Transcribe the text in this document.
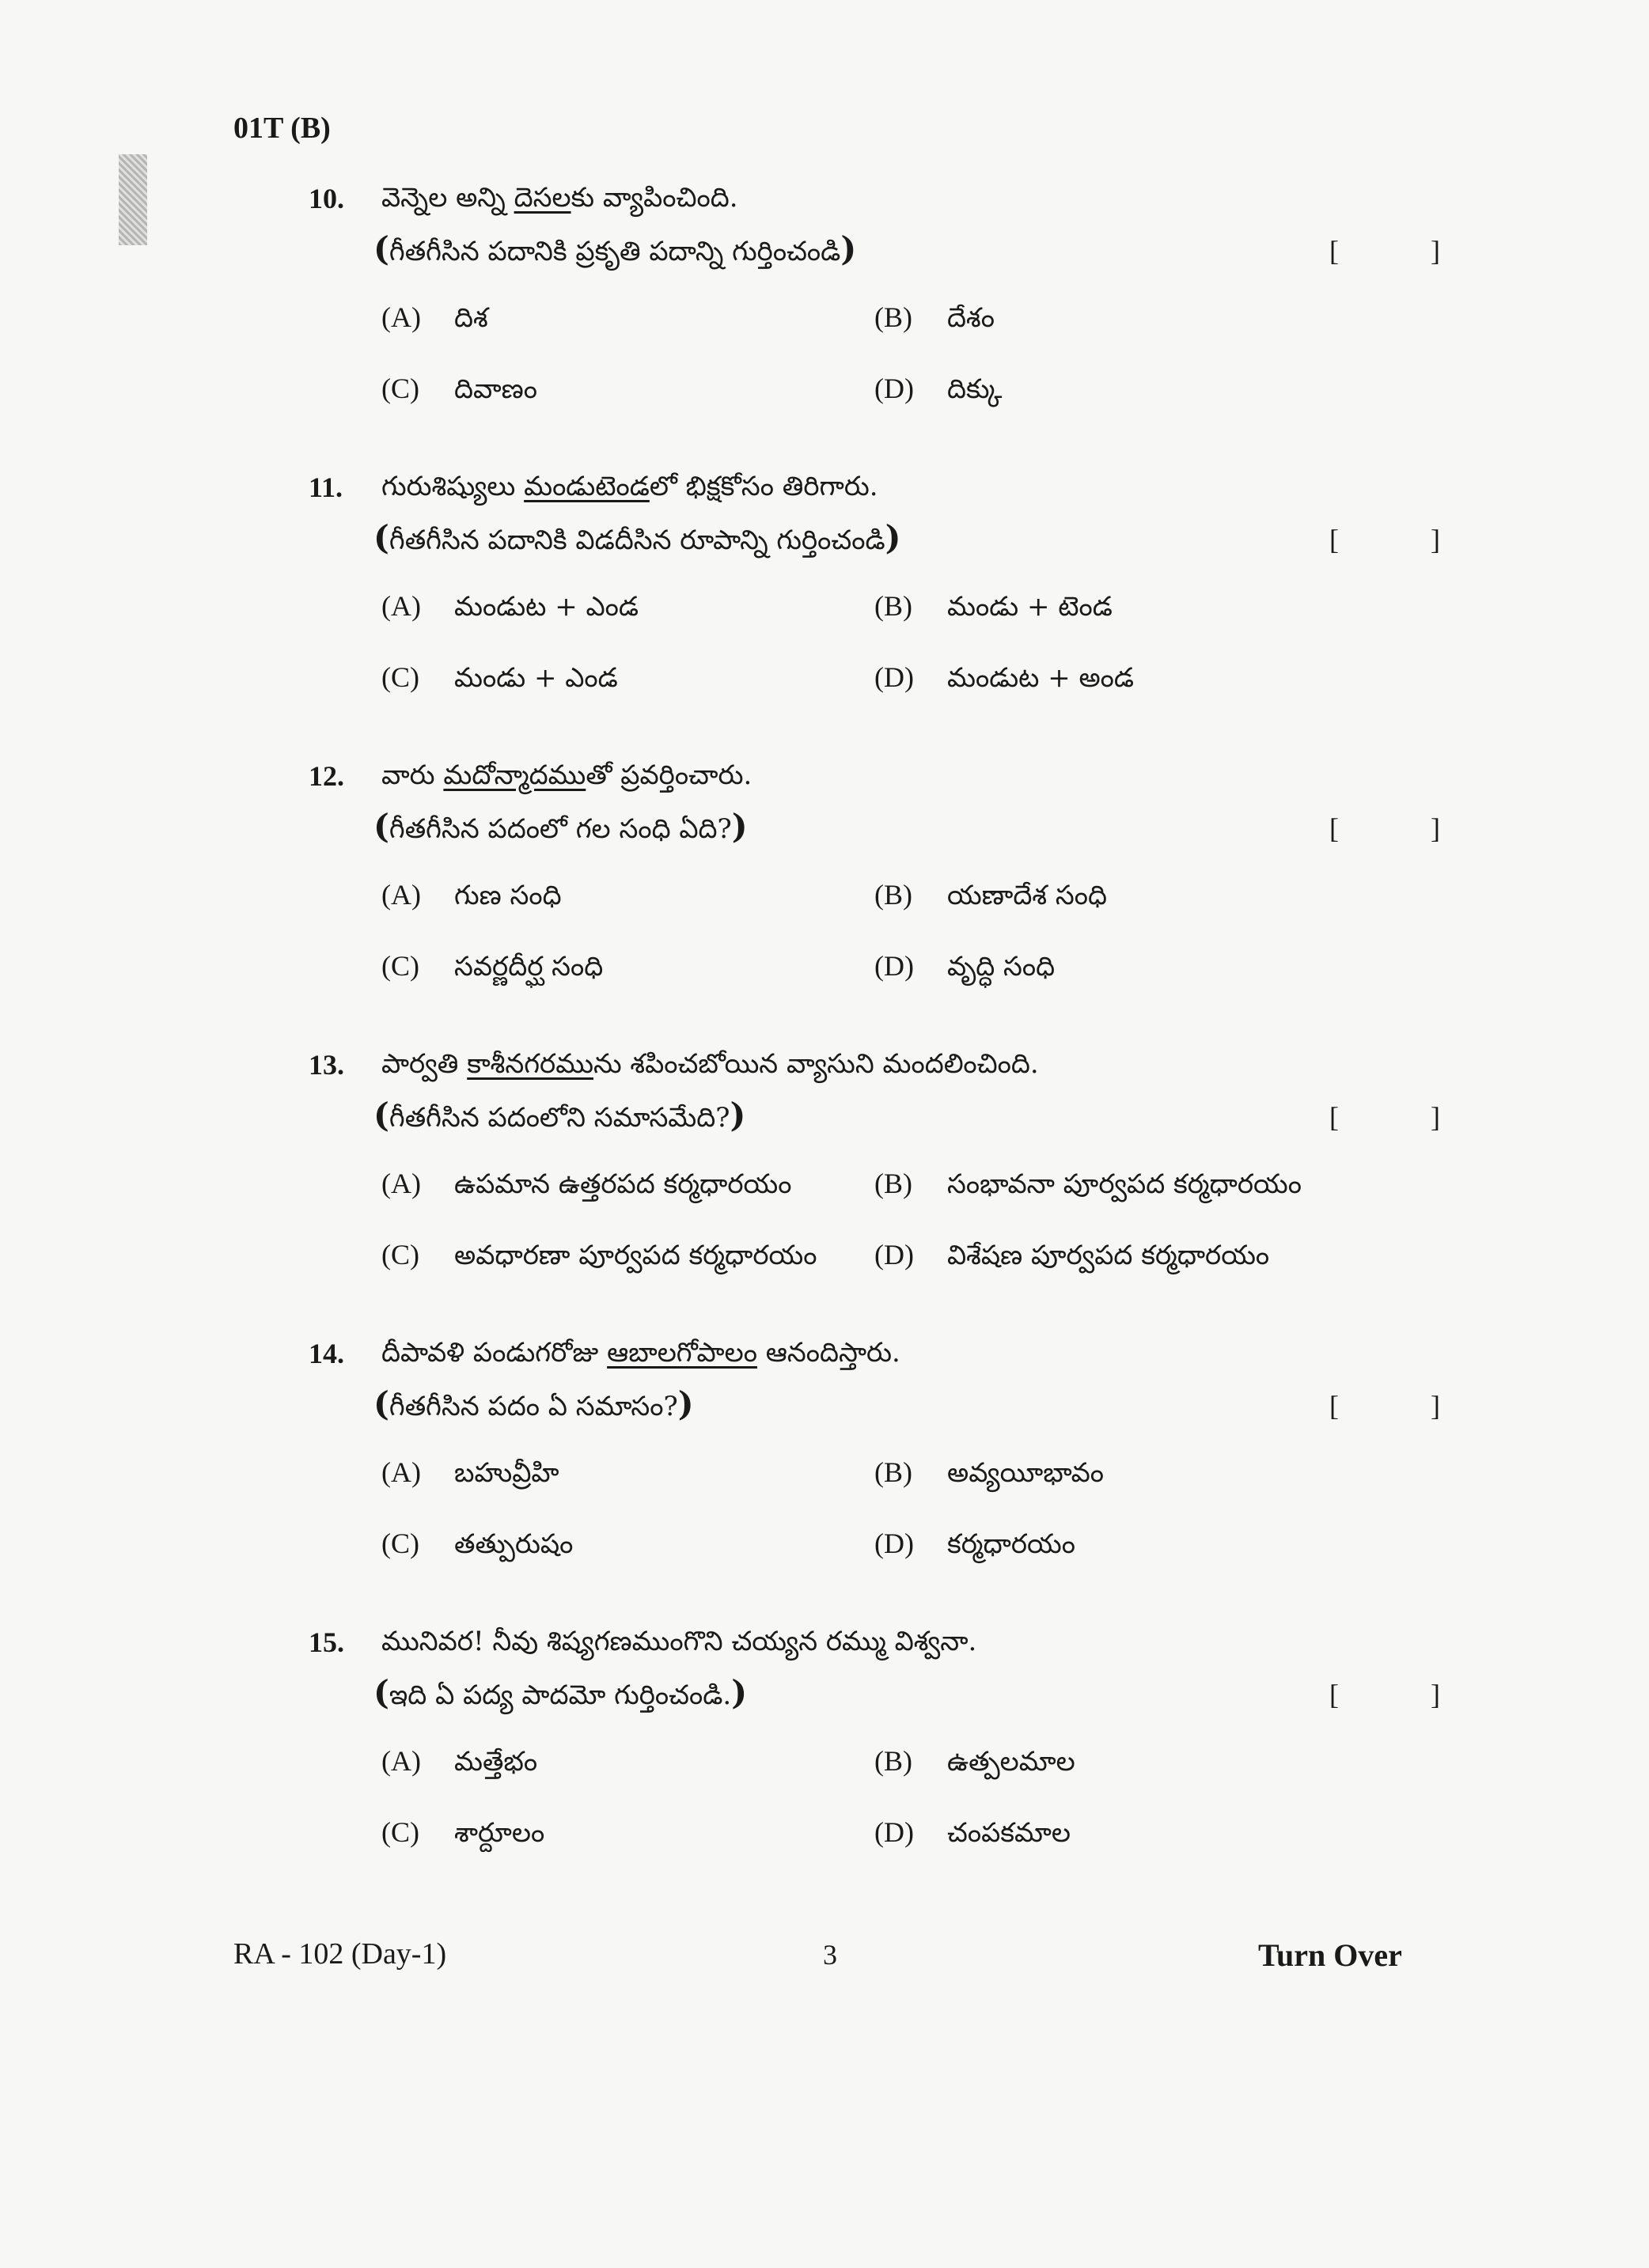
01T (B)
10. వెన్నెల అన్ని దెసలకు వ్యాపించింది.
(గీతగీసిన పదానికి ప్రకృతి పదాన్ని గుర్తించండి)	[	]
(A) దిశ	(B) దేశం
(C) దివాణం	(D) దిక్కు
11. గురుశిష్యులు మండుటెండలో భిక్షకోసం తిరిగారు.
(గీతగీసిన పదానికి విడదీసిన రూపాన్ని గుర్తించండి)	[	]
(A) మండుట + ఎండ	(B) మండు + టెండ
(C) మండు + ఎండ	(D) మండుట + అండ
12. వారు మదోన్మాదముతో ప్రవర్తించారు.
(గీతగీసిన పదంలో గల సంధి ఏది?)	[	]
(A) గుణ సంధి	(B) యణాదేశ సంధి
(C) సవర్ణదీర్ఘ సంధి	(D) వృద్ధి సంధి
13. పార్వతి కాశీనగరమును శపించబోయిన వ్యాసుని మందలించింది.
(గీతగీసిన పదంలోని సమాసమేది?)	[	]
(A) ఉపమాన ఉత్తరపద కర్మధారయం	(B) సంభావనా పూర్వపద కర్మధారయం
(C) అవధారణా పూర్వపద కర్మధారయం (D) విశేషణ పూర్వపద కర్మధారయం
14. దీపావళి పండుగరోజు ఆబాలగోపాలం ఆనందిస్తారు.
(గీతగీసిన పదం ఏ సమాసం?)	[	]
(A) బహువ్రీహి	(B) అవ్యయీభావం
(C) తత్పురుషం	(D) కర్మధారయం
15. మునివర! నీవు శిష్యగణముంగొని చయ్యన రమ్ము విశ్వనా.
(ఇది ఏ పద్య పాదమో గుర్తించండి.)	[	]
(A) మత్తేభం	(B) ఉత్పలమాల
(C) శార్దూలం	(D) చంపకమాల
RA - 102 (Day-1)	3	Turn Over
